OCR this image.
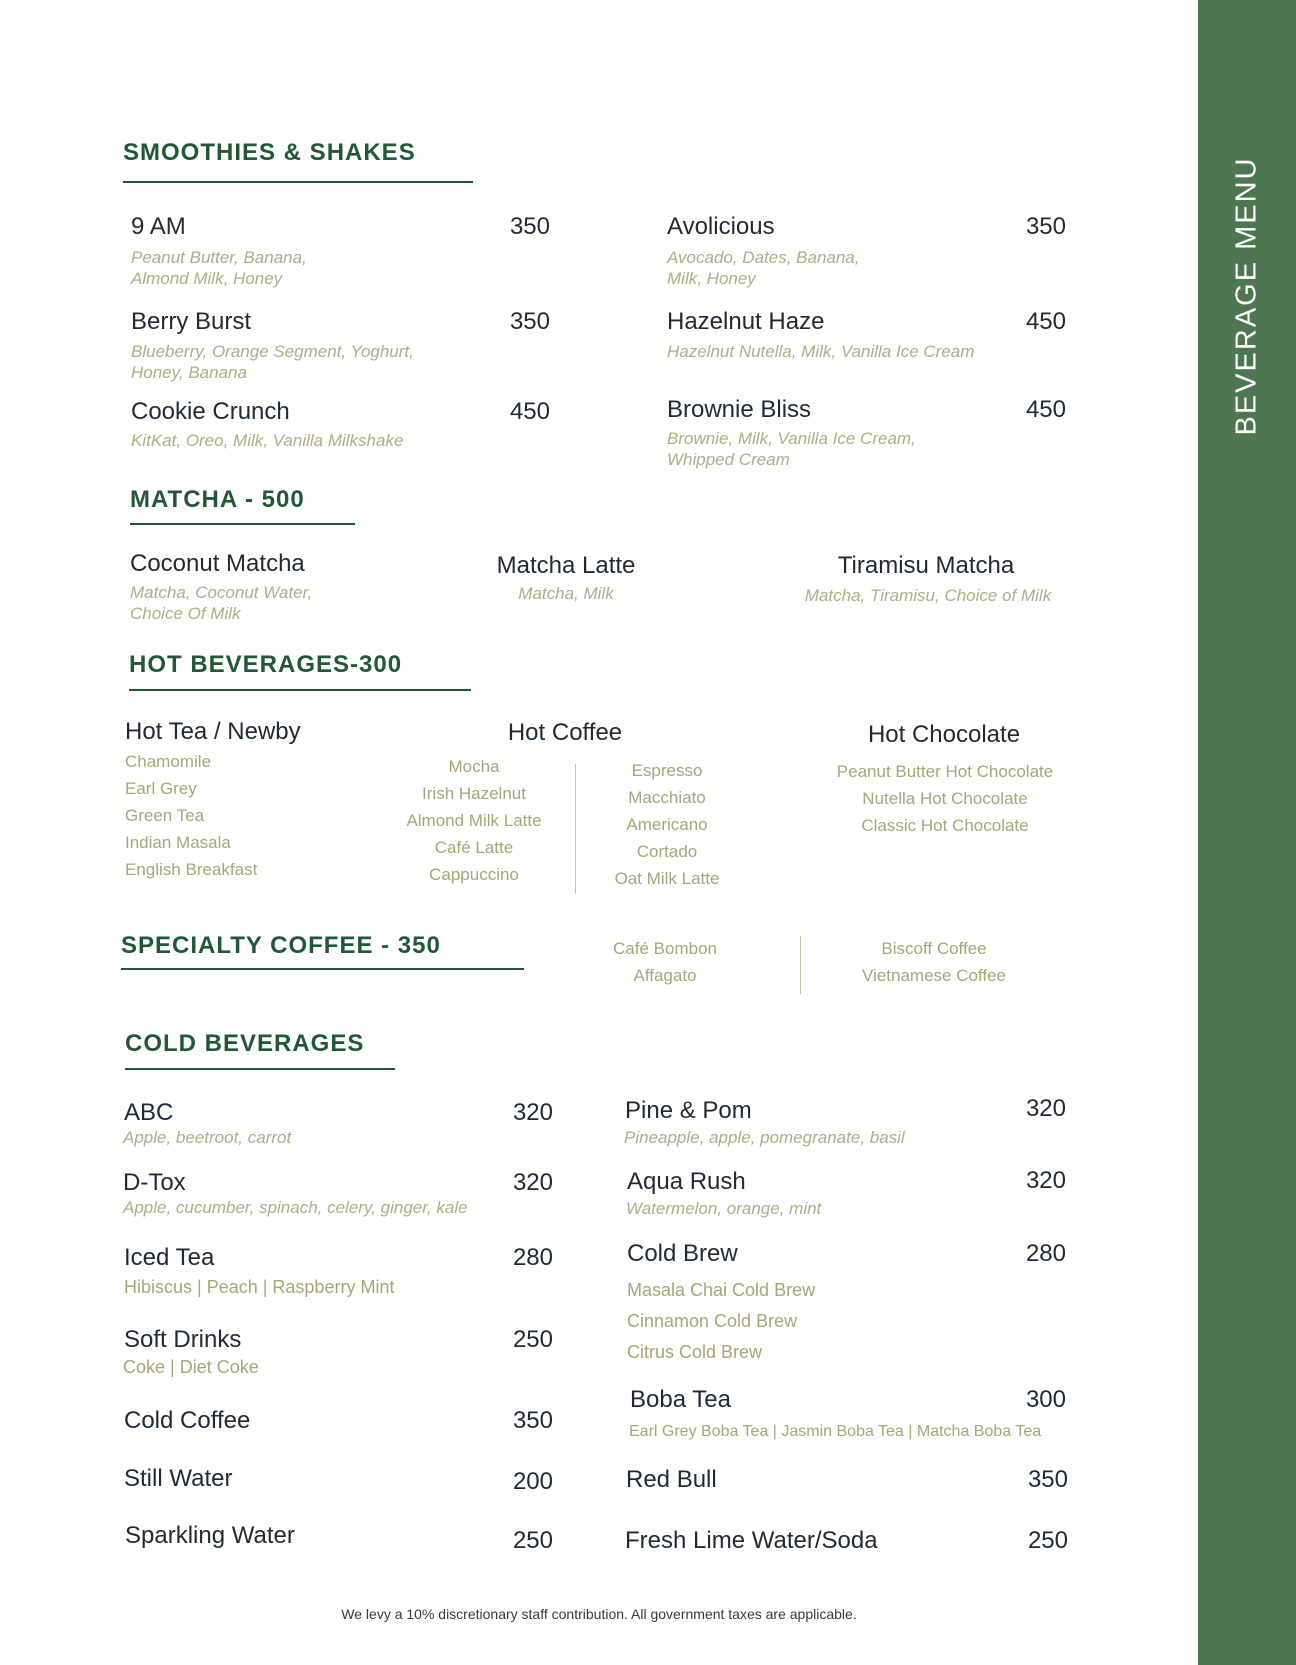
BEVERAGE MENU
SMOOTHIES & SHAKES
9 AM	350
Peanut Butter, Banana,
Almond Milk, Honey
Avolicious	350
Avocado, Dates, Banana,
Milk, Honey
Berry Burst	350
Blueberry, Orange Segment, Yoghurt,
Honey, Banana
Hazelnut Haze	450
Hazelnut Nutella, Milk, Vanilla Ice Cream
Cookie Crunch	450
KitKat, Oreo, Milk, Vanilla Milkshake
Brownie Bliss	450
Brownie, Milk, Vanilla Ice Cream,
Whipped Cream
MATCHA - 500
Coconut Matcha
Matcha, Coconut Water,
Choice Of Milk
Matcha Latte
Matcha, Milk
Tiramisu Matcha
Matcha, Tiramisu, Choice of Milk
HOT BEVERAGES-300
Hot Tea / Newby
Chamomile
Earl Grey
Green Tea
Indian Masala
English Breakfast
Hot Coffee
Mocha
Irish Hazelnut
Almond Milk Latte
Café Latte
Cappuccino
Espresso
Macchiato
Americano
Cortado
Oat Milk Latte
Hot Chocolate
Peanut Butter Hot Chocolate
Nutella Hot Chocolate
Classic Hot Chocolate
SPECIALTY COFFEE - 350	Café Bombon
Affagato
Biscoff Coffee
Vietnamese Coffee
COLD BEVERAGES
ABC	320
Apple, beetroot, carrot
D-Tox	320
Apple, cucumber, spinach, celery, ginger, kale
Iced Tea	280
Hibiscus | Peach | Raspberry Mint
Soft Drinks	250
Coke | Diet Coke
Cold Coffee	350
Still Water	200
Sparkling Water	250
Pine & Pom	320
Pineapple, apple, pomegranate, basil
Aqua Rush	320
Watermelon, orange, mint
Cold Brew	280
Masala Chai Cold Brew
Cinnamon Cold Brew
Citrus Cold Brew
Boba Tea	300
Earl Grey Boba Tea | Jasmin Boba Tea | Matcha Boba Tea
Red Bull	350
Fresh Lime Water/Soda	250
We levy a 10% discretionary staff contribution. All government taxes are applicable.
